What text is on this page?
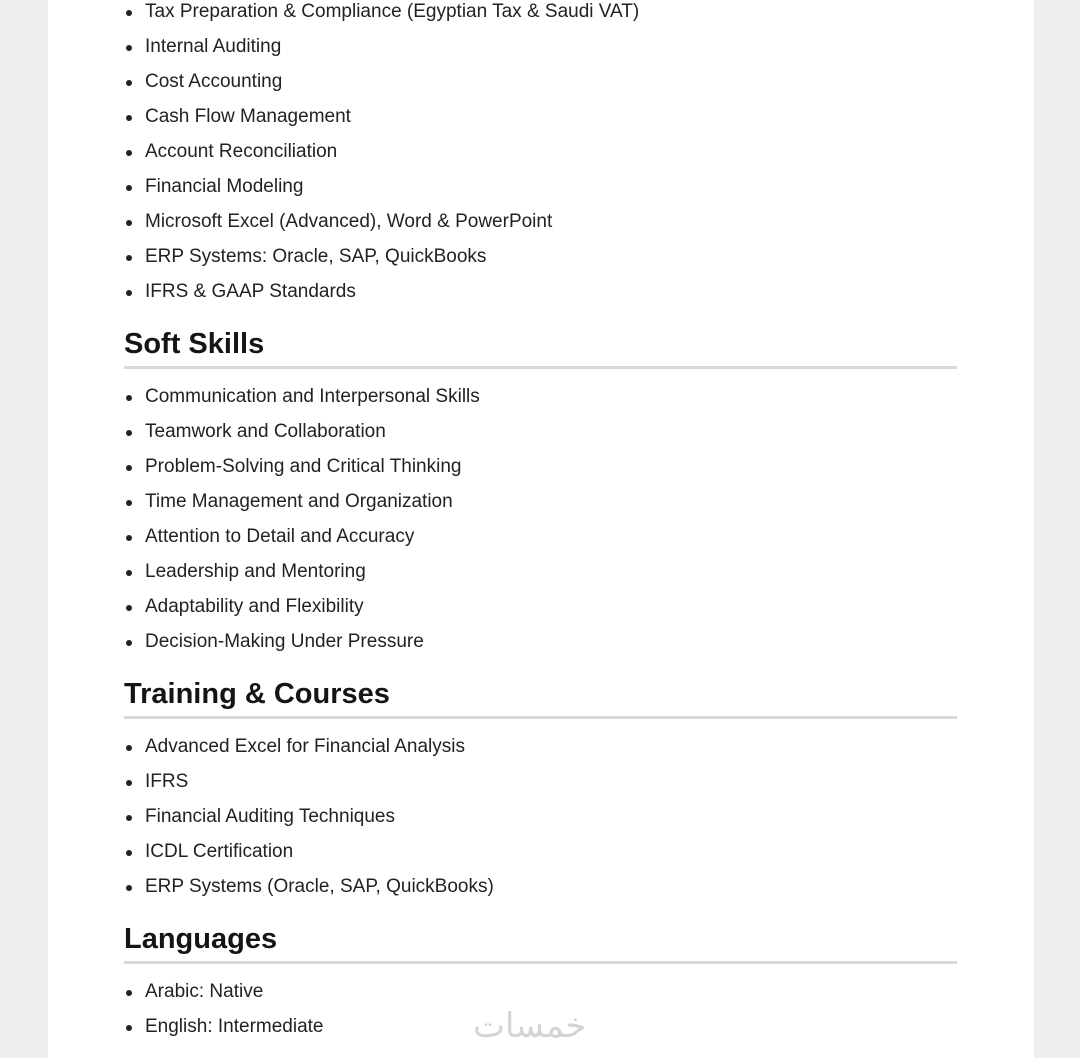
Tax Preparation & Compliance (Egyptian Tax & Saudi VAT)
Internal Auditing
Cost Accounting
Cash Flow Management
Account Reconciliation
Financial Modeling
Microsoft Excel (Advanced), Word & PowerPoint
ERP Systems: Oracle, SAP, QuickBooks
IFRS & GAAP Standards
Soft Skills
Communication and Interpersonal Skills
Teamwork and Collaboration
Problem-Solving and Critical Thinking
Time Management and Organization
Attention to Detail and Accuracy
Leadership and Mentoring
Adaptability and Flexibility
Decision-Making Under Pressure
Training & Courses
Advanced Excel for Financial Analysis
IFRS
Financial Auditing Techniques
ICDL Certification
ERP Systems (Oracle, SAP, QuickBooks)
Languages
Arabic: Native
English: Intermediate	خمسات
